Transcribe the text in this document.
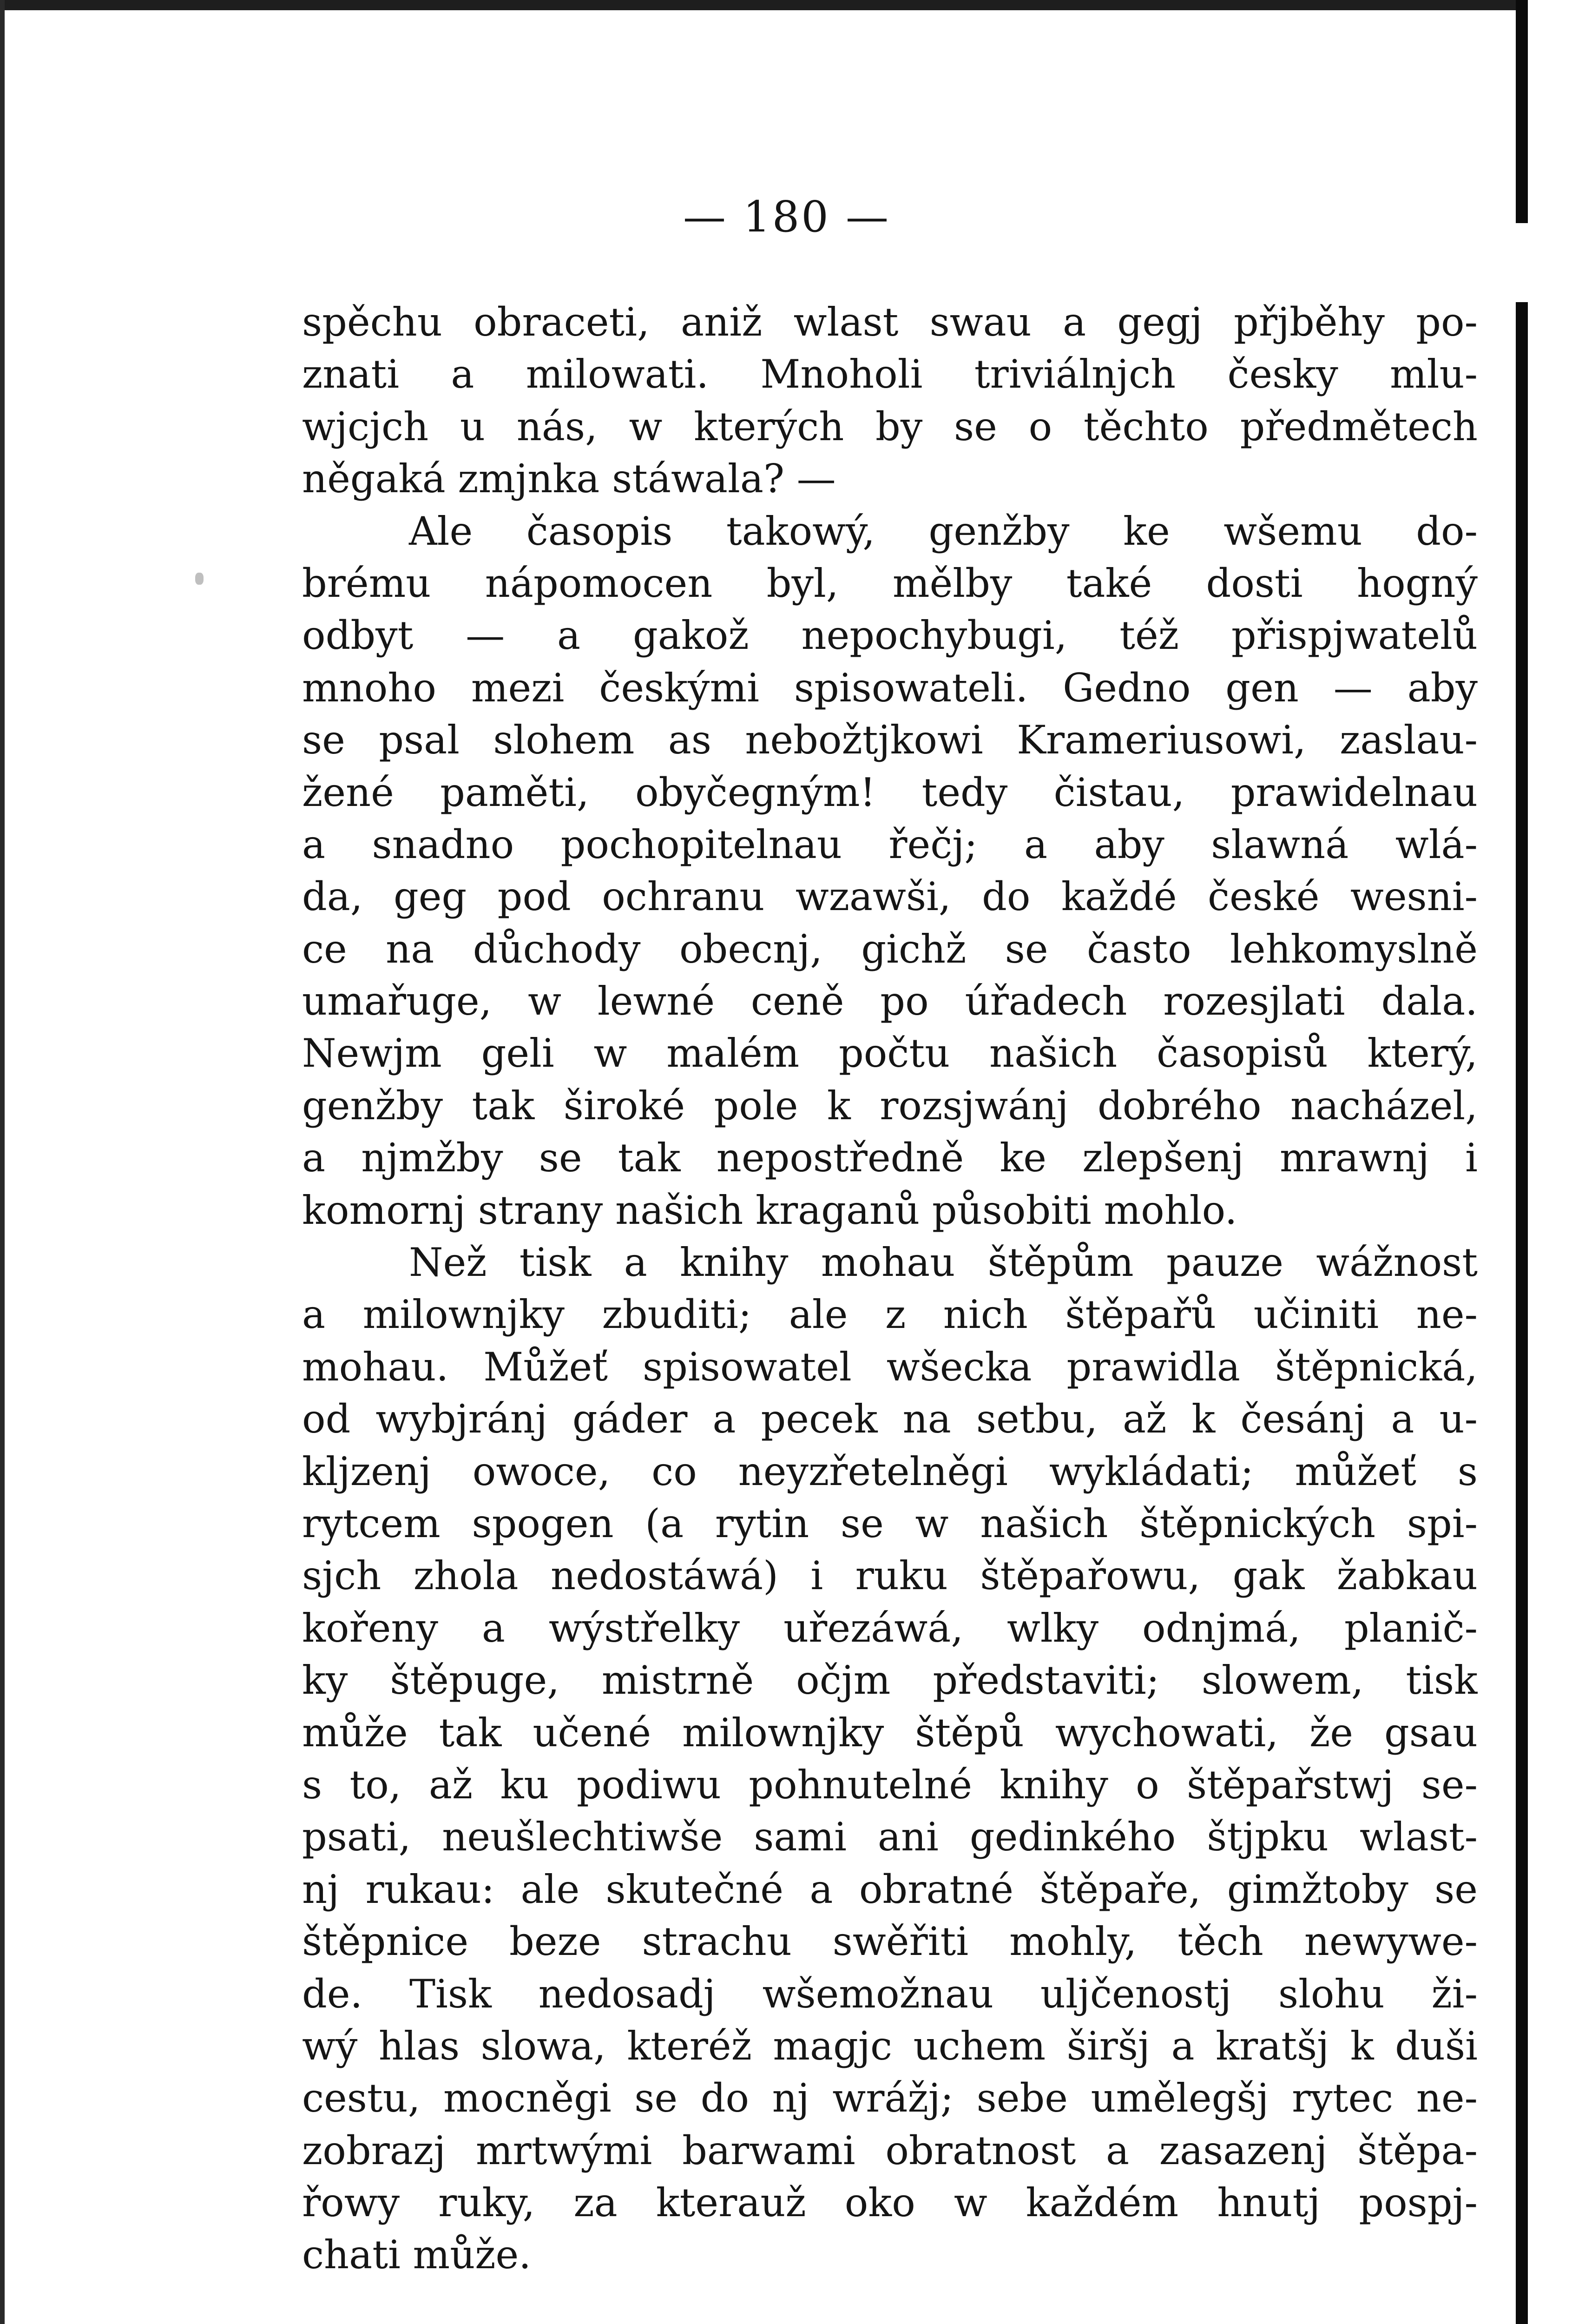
— 180 —
spěchu obraceti, aniž wlast swau a gegj přjběhy po-
znati a milowati. Mnoholi triviálnjch česky mlu-
wjcjch u nás, w kterých by se o těchto předmětech
něgaká zmjnka stáwala? —
Ale časopis takowý, genžby ke wšemu do-
brému nápomocen byl, mělby také dosti hogný
odbyt — a gakož nepochybugi, též přispjwatelů
mnoho mezi českými spisowateli. Gedno gen — aby
se psal slohem as nebožtjkowi Krameriusowi, zaslau-
žené paměti, obyčegným! tedy čistau, prawidelnau
a snadno pochopitelnau řečj; a aby slawná wlá-
da, geg pod ochranu wzawši, do každé české wesni-
ce na důchody obecnj, gichž se často lehkomyslně
umařuge, w lewné ceně po úřadech rozesjlati dala.
Newjm geli w malém počtu našich časopisů který,
genžby tak široké pole k rozsjwánj dobrého nacházel,
a njmžby se tak nepostředně ke zlepšenj mrawnj i
komornj strany našich kraganů působiti mohlo.
Než tisk a knihy mohau štěpům pauze wážnost
a milownjky zbuditi; ale z nich štěpařů učiniti ne-
mohau. Můžeť spisowatel wšecka prawidla štěpnická,
od wybjránj gáder a pecek na setbu, až k česánj a u-
kljzenj owoce, co neyzřetelněgi wykládati; můžeť s
rytcem spogen (a rytin se w našich štěpnických spi-
sjch zhola nedostáwá) i ruku štěpařowu, gak žabkau
kořeny a wýstřelky uřezáwá, wlky odnjmá, planič-
ky štěpuge, mistrně očjm představiti; slowem, tisk
může tak učené milownjky štěpů wychowati, že gsau
s to, až ku podiwu pohnutelné knihy o štěpařstwj se-
psati, neušlechtiwše sami ani gedinkého štjpku wlast-
nj rukau: ale skutečné a obratné štěpaře, gimžtoby se
štěpnice beze strachu swěřiti mohly, těch newywe-
de. Tisk nedosadj wšemožnau uljčenostj slohu ži-
wý hlas slowa, kteréž magjc uchem širšj a kratšj k duši
cestu, mocněgi se do nj wrážj; sebe umělegšj rytec ne-
zobrazj mrtwými barwami obratnost a zasazenj štěpa-
řowy ruky, za kterauž oko w každém hnutj pospj-
chati může.
